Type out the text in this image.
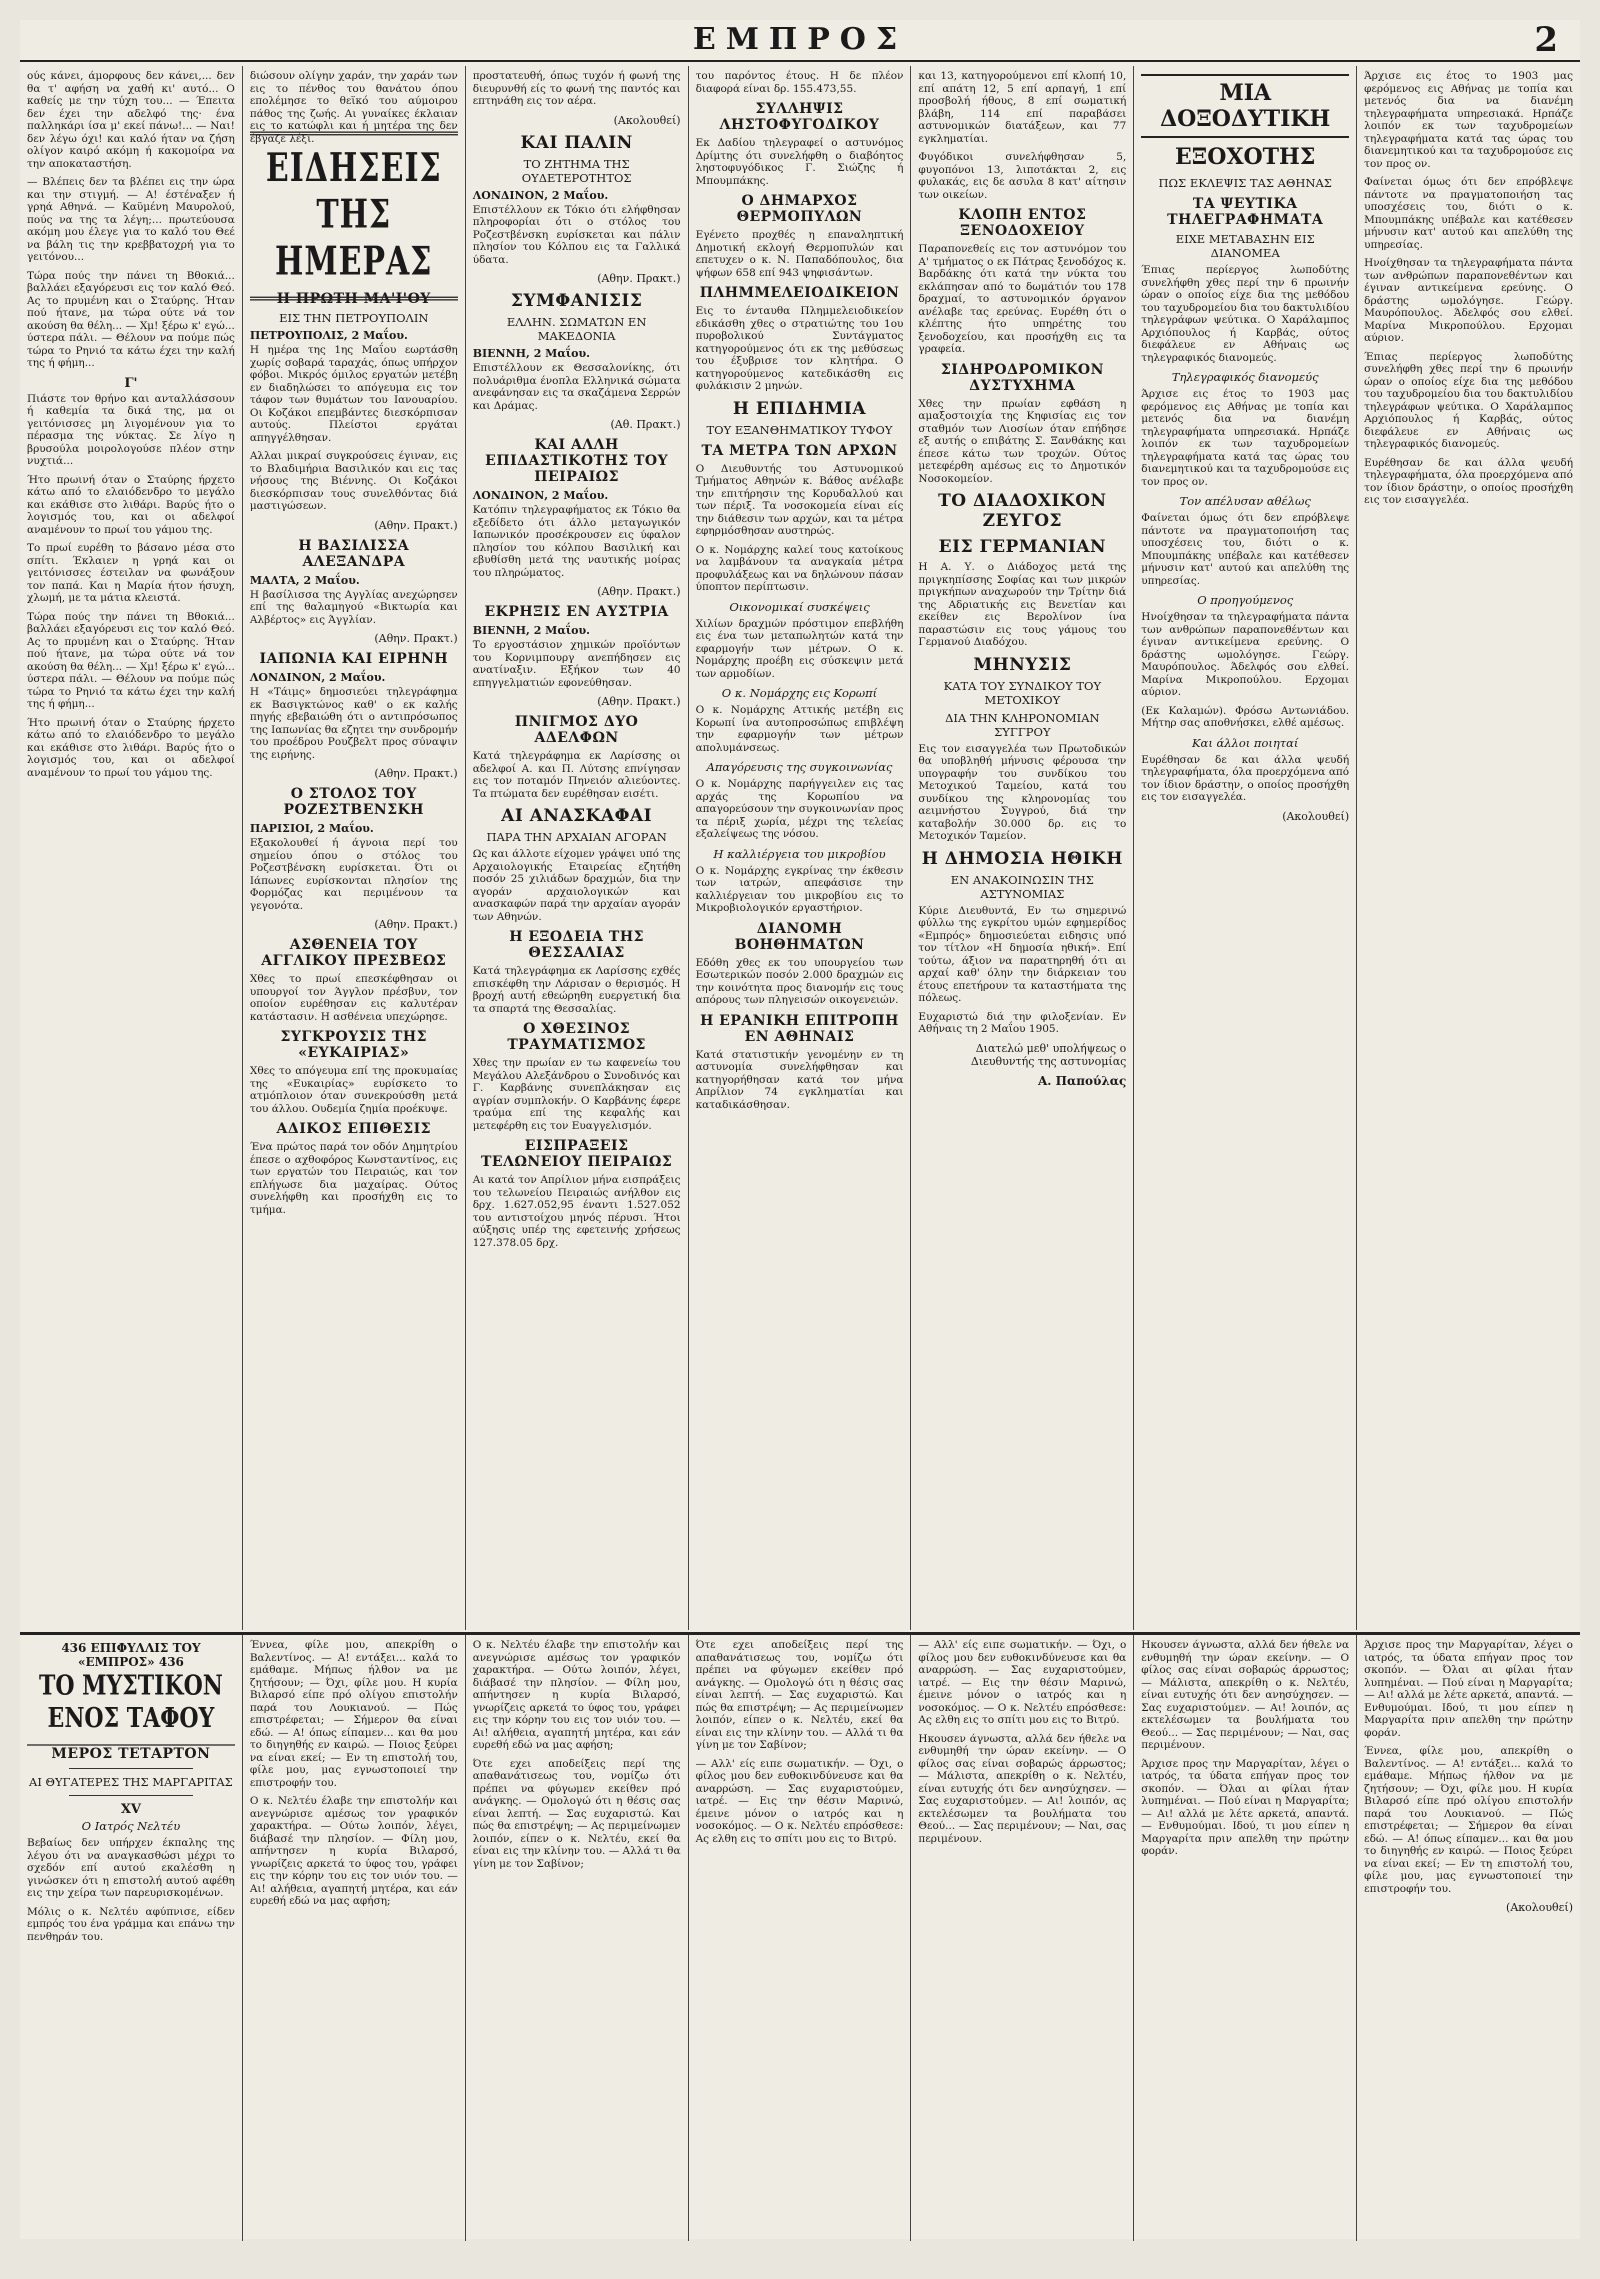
ΕΜΠΡΟΣ	2

ούς κάνει, άμορφους δεν κάνει,... δεν θα τ' αφήση να χαθή κι' αυτό... Ο καθείς με την τύχη του... — Έπειτα δεν έχει την αδελφό της· ένα παλληκάρι ίσα μ' εκεί πάνω!... — Ναι! δεν λέγω όχι! και καλό ήταν να ζήση ολίγον καιρό ακόμη ή κακομοίρα να την αποκαταστήση.

— Βλέπεις δεν τα βλέπει εις την ώρα και την στιγμή. — Α! έστέναξεν ή γρηά Αθηνά. — Καϋμένη Μαυρολού, πούς να της τα λέγη;... πρωτεύουσα ακόμη μου έλεγε για το καλό του Θεέ να βάλη τις την κρεββατοχρή για το γειτόνου...

Τώρα πούς την πάνει τη Βθοκιά... βαλλάει εξαγόρευσι εις τον καλό Θεό. Ας το πρυμένη και ο Σταύρης. Ήταν πού ήτανε, μα τώρα ούτε νά τον ακούση θα θέλη... — Χμ! ξέρω κ' εγώ... ύστερα πάλι. — Θέλουν να πούμε πώς τώρα το Ρηνιό τα κάτω έχει την καλή της ή φήμη...

Γ'

Πιάστε τον θρήνο και ανταλλάσσουν ή καθεμία τα δικά της, μα οι γειτόνισσες μη λιγομένουν για το πέρασμα της νύκτας. Σε λίγο η βρυσούλα μοιρολογούσε πλέον στην νυχτιά...

Ήτο πρωινή όταν ο Σταύρης ήρχετο κάτω από το ελαιόδενδρο το μεγάλο και εκάθισε στο λιθάρι. Βαρύς ήτο ο λογισμός του, και οι αδελφοί αναμένουν το πρωί του γάμου της.

Το πρωί ευρέθη το βάσανο μέσα στο σπίτι. Έκλαιεν η γρηά και οι γειτόνισσες έστειλαν να φωνάξουν τον παπά. Και η Μαρία ήτον ήσυχη, χλωμή, με τα μάτια κλειστά.

Τώρα πούς την πάνει τη Βθοκιά... βαλλάει εξαγόρευσι εις τον καλό Θεό. Ας το πρυμένη και ο Σταύρης. Ήταν πού ήτανε, μα τώρα ούτε νά τον ακούση θα θέλη... — Χμ! ξέρω κ' εγώ... ύστερα πάλι. — Θέλουν να πούμε πώς τώρα το Ρηνιό τα κάτω έχει την καλή της ή φήμη...

Ήτο πρωινή όταν ο Σταύρης ήρχετο κάτω από το ελαιόδενδρο το μεγάλο και εκάθισε στο λιθάρι. Βαρύς ήτο ο λογισμός του, και οι αδελφοί αναμένουν το πρωί του γάμου της.

διώσουν ολίγην χαράν, την χαράν των εις το πένθος του θανάτου όπου επολέμησε το θεϊκό του αύμοιρου πάθος της ζωής. Αι γυναίκες έκλαιαν εις το κατώφλι και ή μητέρα της δεν έβγαζε λέξι.

ΕΙΔΗΣΕΙΣ ΤΗΣ ΗΜΕΡΑΣ
Η ΠΡΩΤΗ ΜΑ'Ι'ΟΥ
ΕΙΣ ΤΗΝ ΠΕΤΡΟΥΠΟΛΙΝ
ΠΕΤΡΟΥΠΟΛΙΣ, 2 Μαΐου.

Η ημέρα της 1ης Μαΐου εωρτάσθη χωρίς σοβαρά ταραχάς, όπως υπήρχον φόβοι. Μικρός όμιλος εργατών μετέβη εν διαδηλώσει το απόγευμα εις τον τάφον των θυμάτων του Ιανουαρίου. Οι Κοζάκοι επεμβάντες διεσκόρπισαν αυτούς. Πλείστοι εργάται απηγγέλθησαν.

Αλλαι μικραί συγκρούσεις έγιναν, εις το Βλαδιμήρια Βασιλικόν και εις τας νήσους της Βιέννης. Οι Κοζάκοι διεσκόρπισαν τους συνελθόντας διά μαστιγώσεων.

(Αθην. Πρακτ.)
Η ΒΑΣΙΛΙΣΣΑ ΑΛΕΞΑΝΔΡΑ
ΜΑΛΤΑ, 2 Μαΐου.

Η βασίλισσα της Αγγλίας ανεχώρησεν επί της θαλαμηγού «Βικτωρία και Αλβέρτος» εις Άγγλίαν.

(Αθην. Πρακτ.)
ΙΑΠΩΝΙΑ ΚΑΙ ΕΙΡΗΝΗ
ΛΟΝΔΙΝΟΝ, 2 Μαΐου.

Η «Τάιμς» δημοσιεύει τηλεγράφημα εκ Βασιγκτώνος καθ' ο εκ καλής πηγής εβεβαιώθη ότι ο αντιπρόσωπος της Ιαπωνίας θα εζητει την συνδρομήν του προέδρου Ρουζβελτ προς σύναψιν της ειρήνης.

(Αθην. Πρακτ.)
Ο ΣΤΟΛΟΣ ΤΟΥ ΡΟΖΕΣΤΒΕΝΣΚΗ
ΠΑΡΙΣΙΟΙ, 2 Μαΐου.

Εξακολουθεί ή άγνοια περί του σημείου όπου ο στόλος του Ροζεστβένσκη ευρίσκεται. Ότι οι Ιάπωνες ευρίσκονται πλησίον της Φορμόζας και περιμένουν τα γεγονότα.

(Αθην. Πρακτ.)
ΑΣΘΕΝΕΙΑ ΤΟΥ ΑΓΓΛΙΚΟΥ ΠΡΕΣΒΕΩΣ

Χθες το πρωί επεσκέφθησαν οι υπουργοί τον Άγγλον πρέσβυν, τον οποίον ευρέθησαν εις καλυτέραν κατάστασιν. Η ασθένεια υπεχώρησε.

ΣΥΓΚΡΟΥΣΙΣ ΤΗΣ «ΕΥΚΑΙΡΙΑΣ»

Χθες το απόγευμα επί της προκυμαίας της «Ευκαιρίας» ευρίσκετο το ατμόπλοιον όταν συνεκρούσθη μετά του άλλου. Ουδεμία ζημία προέκυψε.

ΑΔΙΚΟΣ ΕΠΙΘΕΣΙΣ

Ένα πρώτος παρά τον οδόν Δημητρίου έπεσε ο αχθοφόρος Κωνσταντίνος, εις των εργατών του Πειραιώς, και τον επλήγωσε δια μαχαίρας. Ούτος συνελήφθη και προσήχθη εις το τμήμα.

προστατευθή, όπως τυχόν ή φωνή της διευρυνθή είς το φωνή της παντός και επτηνάθη εις τον αέρα.

(Ακολουθεί)
ΚΑΙ ΠΑΛΙΝ
ΤΟ ΖΗΤΗΜΑ ΤΗΣ ΟΥΔΕΤΕΡΟΤΗΤΟΣ
ΛΟΝΔΙΝΟΝ, 2 Μαΐου.

Επιστέλλουν εκ Τόκιο ότι ελήφθησαν πληροφορίαι ότι ο στόλος του Ροζεστβένσκη ευρίσκεται και πάλιν πλησίον του Κόλπου εις τα Γαλλικά ύδατα.

(Αθην. Πρακτ.)
ΣΥΜΦΑΝΙΣΙΣ
ΕΛΛΗΝ. ΣΩΜΑΤΩΝ ΕΝ ΜΑΚΕΔΟΝΙΑ
ΒΙΕΝΝΗ, 2 Μαΐου.

Επιστέλλουν εκ Θεσσαλονίκης, ότι πολυάριθμα ένοπλα Ελληνικά σώματα ανεφάνησαν εις τα σκαζάμενα Σερρών και Δράμας.

(Αθ. Πρακτ.)
ΚΑΙ ΑΛΛΗ ΕΠΙΔΑΣΤΙΚΟΤΗΣ ΤΟΥ ΠΕΙΡΑΙΩΣ
ΛΟΝΔΙΝΟΝ, 2 Μαΐου.

Κατόπιν τηλεγραφήματος εκ Τόκιο θα εξεδίδετο ότι άλλο μεταγωγικόν Ιαπωνικόν προσέκρουσεν εις ύφαλον πλησίον του κόλπου Βασιλική και εβυθίσθη μετά της ναυτικής μοίρας του πληρώματος.

(Αθην. Πρακτ.)
ΕΚΡΗΞΙΣ ΕΝ ΑΥΣΤΡΙΑ
ΒΙΕΝΝΗ, 2 Μαΐου.

Το εργοστάσιον χημικών προϊόντων του Κορνιμπουργ ανεπήδησεν εις ανατίναξιν. Εξήκον των 40 επηγγελματιών εφονεύθησαν.

(Αθην. Πρακτ.)
ΠΝΙΓΜΟΣ ΔΥΟ ΑΔΕΛΦΩΝ

Κατά τηλεγράφημα εκ Λαρίσσης οι αδελφοί Α. και Π. Λύτσης επνίγησαν εις τον ποταμόν Πηνειόν αλιεύοντες. Τα πτώματα δεν ευρέθησαν εισέτι.

ΑΙ ΑΝΑΣΚΑΦΑΙ
ΠΑΡΑ ΤΗΝ ΑΡΧΑΙΑΝ ΑΓΟΡΑΝ

Ως και άλλοτε είχομεν γράψει υπό της Αρχαιολογικής Εταιρείας εζητήθη ποσόν 25 χιλιάδων δραχμών, δια την αγοράν αρχαιολογικών και ανασκαφών παρά την αρχαίαν αγοράν των Αθηνών.

Η ΕΞΟΔΕΙΑ ΤΗΣ ΘΕΣΣΑΛΙΑΣ

Κατά τηλεγράφημα εκ Λαρίσσης εχθές επισκέφθη την Λάρισαν ο θερισμός. Η βροχή αυτή εθεώρηθη ευεργετική δια τα σπαρτά της Θεσσαλίας.

Ο ΧΘΕΣΙΝΟΣ ΤΡΑΥΜΑΤΙΣΜΟΣ

Χθες την πρωίαν εν τω καφενείω του Μεγάλου Αλεξάνδρου ο Συνοδινός και Γ. Καρβάνης συνεπλάκησαν εις αγρίαν συμπλοκήν. Ο Καρβάνης έφερε τραύμα επί της κεφαλής και μετεφέρθη εις τον Ευαγγελισμόν.

ΕΙΣΠΡΑΞΕΙΣ ΤΕΛΩΝΕΙΟΥ ΠΕΙΡΑΙΩΣ

Αι κατά τον Απρίλιον μήνα εισπράξεις του τελωνείου Πειραιώς ανήλθον εις δρχ. 1.627.052,95 έναντι 1.527.052 του αντιστοίχου μηνός πέρυσι. Ήτοι αύξησις υπέρ της εφετεινής χρήσεως 127.378.05 δρχ.

του παρόντος έτους. Η δε πλέον διαφορά είναι δρ. 155.473,55.

ΣΥΛΛΗΨΙΣ ΛΗΣΤΟΦΥΓΟΔΙΚΟΥ

Εκ Δαδίου τηλεγραφεί ο αστυνόμος Δρίμτης ότι συνελήφθη ο διαβόητος ληστοφυγόδικος Γ. Σιώζης ή Μπουμπάκης.

Ο ΔΗΜΑΡΧΟΣ ΘΕΡΜΟΠΥΛΩΝ

Εγένετο προχθές η επαναληπτική Δημοτική εκλογή Θερμοπυλών και επετυχεν ο κ. Ν. Παπαδόπουλος, δια ψήφων 658 επί 943 ψηφισάντων.

ΠΛΗΜΜΕΛΕΙΟΔΙΚΕΙΟΝ

Εις το ένταυθα Πλημμελειοδικείον εδικάσθη χθες ο στρατιώτης του 1ου πυροβολικού Συντάγματος κατηγορούμενος ότι εκ της μεθύσεως του έξυβρισε τον κλητήρα. Ο κατηγορούμενος κατεδικάσθη εις φυλάκισιν 2 μηνών.

Η ΕΠΙΔΗΜΙΑ
ΤΟΥ ΕΞΑΝΘΗΜΑΤΙΚΟΥ ΤΥΦΟΥ
ΤΑ ΜΕΤΡΑ ΤΩΝ ΑΡΧΩΝ

Ο Διευθυντής του Αστυνομικού Τμήματος Αθηνών κ. Βάθος ανέλαβε την επιτήρησιν της Κορυδαλλού και των πέριξ. Τα νοσοκομεία είναι είς την διάθεσιν των αρχών, και τα μέτρα εφηρμόσθησαν αυστηρώς.

Ο κ. Νομάρχης καλεί τους κατοίκους να λαμβάνουν τα αναγκαία μέτρα προφυλάξεως και να δηλώνουν πάσαν ύποπτον περίπτωσιν.

Οικονομικαί συσκέψεις

Χιλίων δραχμών πρόστιμον επεβλήθη εις ένα των μεταπωλητών κατά την εφαρμογήν των μέτρων. Ο κ. Νομάρχης προέβη εις σύσκεψιν μετά των αρμοδίων.

Ο κ. Νομάρχης εις Κορωπί

Ο κ. Νομάρχης Αττικής μετέβη εις Κορωπί ίνα αυτοπροσώπως επιβλέψη την εφαρμογήν των μέτρων απολυμάνσεως.

Απαγόρευσις της συγκοινωνίας

Ο κ. Νομάρχης παρήγγειλεν εις τας αρχάς της Κορωπίου να απαγορεύσουν την συγκοινωνίαν προς τα πέριξ χωρία, μέχρι της τελείας εξαλείψεως της νόσου.

Η καλλιέργεια του μικροβίου

Ο κ. Νομάρχης εγκρίνας την έκθεσιν των ιατρών, απεφάσισε την καλλιέργειαν του μικροβίου εις το Μικροβιολογικόν εργαστήριον.

ΔΙΑΝΟΜΗ ΒΟΗΘΗΜΑΤΩΝ

Εδόθη χθες εκ του υπουργείου των Εσωτερικών ποσόν 2.000 δραχμών εις την κοινότητα προς διανομήν εις τους απόρους των πληγεισών οικογενειών.

Η ΕΡΑΝΙΚΗ ΕΠΙΤΡΟΠΗ ΕΝ ΑΘΗΝΑΙΣ

Κατά στατιστικήν γενομένην εν τη αστυνομία συνελήφθησαν και κατηγορήθησαν κατά τον μήνα Απρίλιον 74 εγκληματίαι και καταδικάσθησαν.

και 13, κατηγορούμενοι επί κλοπή 10, επί απάτη 12, 5 επί αρπαγή, 1 επί προσβολή ήθους, 8 επί σωματική βλάβη, 114 επί παραβάσει αστυνομικών διατάξεων, και 77 εγκληματίαι.

Φυγόδικοι συνελήφθησαν 5, φυγοπόνοι 13, λιποτάκται 2, εις φυλακάς, εις δε ασυλα 8 κατ' αίτησιν των οικείων.

ΚΛΟΠΗ ΕΝΤΟΣ ΞΕΝΟΔΟΧΕΙΟΥ

Παραπονεθείς εις τον αστυνόμον του Α' τμήματος ο εκ Πάτρας ξενοδόχος κ. Βαρδάκης ότι κατά την νύκτα του εκλάπησαν από το δωμάτιόν του 178 δραχμαί, το αστυνομικόν όργανον ανέλαβε τας ερεύνας. Ευρέθη ότι ο κλέπτης ήτο υπηρέτης του ξενοδοχείου, και προσήχθη εις τα γραφεία.

ΣΙΔΗΡΟΔΡΟΜΙΚΟΝ ΔΥΣΤΥΧΗΜΑ

Χθες την πρωίαν εφθάση η αμαξοστοιχία της Κηφισίας εις τον σταθμόν των Λιοσίων όταν επήδησε εξ αυτής ο επιβάτης Σ. Ξανθάκης και έπεσε κάτω των τροχών. Ούτος μετεφέρθη αμέσως εις το Δημοτικόν Νοσοκομείον.

ΤΟ ΔΙΑΔΟΧΙΚΟΝ ΖΕΥΓΟΣ
ΕΙΣ ΓΕΡΜΑΝΙΑΝ

Η Α. Υ. ο Διάδοχος μετά της πριγκηπίσσης Σοφίας και των μικρών πριγκήπων αναχωρούν την Τρίτην διά της Αδριατικής εις Βενετίαν και εκείθεν εις Βερολίνον ίνα παραστώσιν εις τους γάμους του Γερμανού Διαδόχου.

ΜΗΝΥΣΙΣ
ΚΑΤΑ ΤΟΥ ΣΥΝΔΙΚΟΥ ΤΟΥ ΜΕΤΟΧΙΚΟΥ
ΔΙΑ ΤΗΝ ΚΛΗΡΟΝΟΜΙΑΝ ΣΥΓΓΡΟΥ

Εις τον εισαγγελέα των Πρωτοδικών θα υποβληθή μήνυσις φέρουσα την υπογραφήν του συνδίκου του Μετοχικού Ταμείου, κατά του συνδίκου της κληρονομίας του αειμνήστου Συγγρού, διά την καταβολήν 30.000 δρ. εις το Μετοχικόν Ταμείον.

Η ΔΗΜΟΣΙΑ ΗΘΙΚΗ
ΕΝ ΑΝΑΚΟΙΝΩΣΙΝ ΤΗΣ ΑΣΤΥΝΟΜΙΑΣ

Κύριε Διευθυντά, Εν τω σημερινώ φύλλω της εγκρίτου υμών εφημερίδος «Εμπρός» δημοσιεύεται ειδησις υπό τον τίτλον «Η δημοσία ηθική». Επί τούτω, άξιον να παρατηρηθή ότι αι αρχαί καθ' όλην την διάρκειαν του έτους επετήρουν τα καταστήματα της πόλεως.

Ευχαριστώ διά την φιλοξενίαν. Εν Αθήναις τη 2 Μαΐου 1905.

Διατελώ μεθ' υπολήψεως ο Διευθυντής της αστυνομίας
Α. Παπούλας
ΜΙΑ ΔΟΞΟΔΥΤΙΚΗ
ΕΞΟΧΟΤΗΣ
ΠΩΣ ΕΚΛΕΨΙΣ ΤΑΣ ΑΘΗΝΑΣ
ΤΑ ΨΕΥΤΙΚΑ ΤΗΛΕΓΡΑΦΗΜΑΤΑ
ΕΙΧΕ ΜΕΤΑΒΑΣΗΝ ΕΙΣ ΔΙΑΝΟΜΕΑ

Έπιας περίεργος λωποδύτης συνελήφθη χθες περί την 6 πρωινήν ώραν ο οποίος είχε δια της μεθόδου του ταχυδρομείου δια του δακτυλιδίου τηλεγράφων ψεύτικα. Ο Χαράλαμπος Αρχιόπουλος ή Καρβάς, ούτος διεφάλευε εν Αθήναις ως τηλεγραφικός διανομεύς.

Τηλεγραφικός διανομεύς

Άρχισε εις έτος το 1903 μας φερόμενος εις Αθήνας με τοπία και μετενός δια να διανέμη τηλεγραφήματα υπηρεσιακά. Ηρπάζε λοιπόν εκ των ταχυδρομείων τηλεγραφήματα κατά τας ώρας του διανεμητικού και τα ταχυδρομούσε εις τον προς ον.

Τον απέλυσαν αθέλως

Φαίνεται όμως ότι δεν επρόβλεψε πάντοτε να πραγματοποιήση τας υποσχέσεις του, διότι ο κ. Μπουμπάκης υπέβαλε και κατέθεσεν μήνυσιν κατ' αυτού και απελύθη της υπηρεσίας.

Ο προηγούμενος

Ηνοίχθησαν τα τηλεγραφήματα πάντα των ανθρώπων παραπονεθέντων και έγιναν αντικείμενα ερεύνης. Ο δράστης ωμολόγησε. Γεώργ. Μαυρόπουλος. Άδελφός σου ελθεί. Μαρίνα Μικροπούλου. Ερχομαι αύριον.

(Εκ Καλαμών). Φρόσω Αντωνιάδου. Μήτηρ σας αποθνήσκει, ελθέ αμέσως.

Και άλλοι ποιηταί

Ευρέθησαν δε και άλλα ψευδή τηλεγραφήματα, όλα προερχόμενα από τον ίδιον δράστην, ο οποίος προσήχθη εις τον εισαγγελέα.

(Ακολουθεί)

Άρχισε εις έτος το 1903 μας φερόμενος εις Αθήνας με τοπία και μετενός δια να διανέμη τηλεγραφήματα υπηρεσιακά. Ηρπάζε λοιπόν εκ των ταχυδρομείων τηλεγραφήματα κατά τας ώρας του διανεμητικού και τα ταχυδρομούσε εις τον προς ον.

Φαίνεται όμως ότι δεν επρόβλεψε πάντοτε να πραγματοποιήση τας υποσχέσεις του, διότι ο κ. Μπουμπάκης υπέβαλε και κατέθεσεν μήνυσιν κατ' αυτού και απελύθη της υπηρεσίας.

Ηνοίχθησαν τα τηλεγραφήματα πάντα των ανθρώπων παραπονεθέντων και έγιναν αντικείμενα ερεύνης. Ο δράστης ωμολόγησε. Γεώργ. Μαυρόπουλος. Άδελφός σου ελθεί. Μαρίνα Μικροπούλου. Ερχομαι αύριον.

Έπιας περίεργος λωποδύτης συνελήφθη χθες περί την 6 πρωινήν ώραν ο οποίος είχε δια της μεθόδου του ταχυδρομείου δια του δακτυλιδίου τηλεγράφων ψεύτικα. Ο Χαράλαμπος Αρχιόπουλος ή Καρβάς, ούτος διεφάλευε εν Αθήναις ως τηλεγραφικός διανομεύς.

Ευρέθησαν δε και άλλα ψευδή τηλεγραφήματα, όλα προερχόμενα από τον ίδιον δράστην, ο οποίος προσήχθη εις τον εισαγγελέα.

436 ΕΠΙΦΥΛΛΙΣ ΤΟΥ «ΕΜΠΡΟΣ» 436
ΤΟ ΜΥΣΤΙΚΟΝ ΕΝΟΣ ΤΑΦΟΥ
ΜΕΡΟΣ ΤΕΤΑΡΤΟΝ
ΑΙ ΘΥΓΑΤΕΡΕΣ ΤΗΣ ΜΑΡΓΑΡΙΤΑΣ
XV
Ο Ιατρός Νελτέυ

Βεβαίως δεν υπήρχεν έκπαλης της λέγου ότι να αναγκασθώσι μέχρι το σχεδόν επί αυτού εκαλέσθη η γινώσκεν ότι η επιστολή αυτού αφέθη εις την χείρα των παρευρισκομένων.

Μόλις ο κ. Νελτέυ αφύπνισε, είδεν εμπρός του ένα γράμμα και επάνω την πενθηράν του.

Έννεα, φίλε μου, απεκρίθη ο Βαλεντίνος. — Α! εντάξει... καλά το εμάθαμε. Μήπως ήλθον να με ζητήσουν; — Όχι, φίλε μου. Η κυρία Βιλαρσό είπε πρό ολίγου επιστολήν παρά του Λουκιανού. — Πώς επιστρέφεται; — Σήμερον θα είναι εδώ. — Α! όπως είπαμεν... και θα μου το διηγηθής εν καιρώ. — Ποιος ξεύρει να είναι εκεί; — Εν τη επιστολή του, φίλε μου, μας εγνωστοποιεί την επιστροφήν του.

Ο κ. Νελτέυ έλαβε την επιστολήν και ανεγνώρισε αμέσως τον γραφικόν χαρακτήρα. — Ούτω λοιπόν, λέγει, διάβασέ την πλησίον. — Φίλη μου, απήντησεν η κυρία Βιλαρσό, γνωρίζεις αρκετά το ύφος του, γράφει εις την κόρην του εις τον υιόν του. — Αι! αλήθεια, αγαπητή μητέρα, και εάν ευρεθή εδώ να μας αφήση;

Ο κ. Νελτέυ έλαβε την επιστολήν και ανεγνώρισε αμέσως τον γραφικόν χαρακτήρα. — Ούτω λοιπόν, λέγει, διάβασέ την πλησίον. — Φίλη μου, απήντησεν η κυρία Βιλαρσό, γνωρίζεις αρκετά το ύφος του, γράφει εις την κόρην του εις τον υιόν του. — Αι! αλήθεια, αγαπητή μητέρα, και εάν ευρεθή εδώ να μας αφήση;

Ότε εχει αποδείξεις περί της απαθανάτισεως του, νομίζω ότι πρέπει να φύγωμεν εκείθεν πρό ανάγκης. — Ομολογώ ότι η θέσις σας είναι λεπτή. — Σας ευχαριστώ. Και πώς θα επιστρέψη; — Ας περιμείνωμεν λοιπόν, είπεν ο κ. Νελτέυ, εκεί θα είναι εις την κλίνην του. — Αλλά τι θα γίνη με τον Σαβίνον;

Ότε εχει αποδείξεις περί της απαθανάτισεως του, νομίζω ότι πρέπει να φύγωμεν εκείθεν πρό ανάγκης. — Ομολογώ ότι η θέσις σας είναι λεπτή. — Σας ευχαριστώ. Και πώς θα επιστρέψη; — Ας περιμείνωμεν λοιπόν, είπεν ο κ. Νελτέυ, εκεί θα είναι εις την κλίνην του. — Αλλά τι θα γίνη με τον Σαβίνον;

— Αλλ' είς ειπε σωματικήν. — Όχι, ο φίλος μου δεν ευθοκινδύνευσε και θα αναρρώση. — Σας ευχαριστούμεν, ιατρέ. — Εις την θέσιν Μαρινώ, έμεινε μόνον ο ιατρός και η νοσοκόμος. — Ο κ. Νελτέυ επρόσθεσε: Ας ελθη εις το σπίτι μου εις το Βιτρύ.

— Αλλ' είς ειπε σωματικήν. — Όχι, ο φίλος μου δεν ευθοκινδύνευσε και θα αναρρώση. — Σας ευχαριστούμεν, ιατρέ. — Εις την θέσιν Μαρινώ, έμεινε μόνον ο ιατρός και η νοσοκόμος. — Ο κ. Νελτέυ επρόσθεσε: Ας ελθη εις το σπίτι μου εις το Βιτρύ.

Ηκουσεν άγνωστα, αλλά δεν ήθελε να ενθυμηθή την ώραν εκείνην. — Ο φίλος σας είναι σοβαρώς άρρωστος; — Μάλιστα, απεκρίθη ο κ. Νελτέυ, είναι ευτυχής ότι δεν ανησύχησεν. — Σας ευχαριστούμεν. — Αι! λοιπόν, ας εκτελέσωμεν τα βουλήματα του Θεού... — Σας περιμένουν; — Ναι, σας περιμένουν.

Ηκουσεν άγνωστα, αλλά δεν ήθελε να ενθυμηθή την ώραν εκείνην. — Ο φίλος σας είναι σοβαρώς άρρωστος; — Μάλιστα, απεκρίθη ο κ. Νελτέυ, είναι ευτυχής ότι δεν ανησύχησεν. — Σας ευχαριστούμεν. — Αι! λοιπόν, ας εκτελέσωμεν τα βουλήματα του Θεού... — Σας περιμένουν; — Ναι, σας περιμένουν.

Άρχισε προς την Μαργαρίταν, λέγει ο ιατρός, τα ύδατα επήγαν προς τον σκοπόν. — Όλαι αι φίλαι ήταν λυπημέναι. — Πού είναι η Μαργαρίτα; — Αι! αλλά με λέτε αρκετά, απαντά. — Ενθυμούμαι. Ιδού, τι μου είπεν η Μαργαρίτα πριν απελθη την πρώτην φοράν.

Άρχισε προς την Μαργαρίταν, λέγει ο ιατρός, τα ύδατα επήγαν προς τον σκοπόν. — Όλαι αι φίλαι ήταν λυπημέναι. — Πού είναι η Μαργαρίτα; — Αι! αλλά με λέτε αρκετά, απαντά. — Ενθυμούμαι. Ιδού, τι μου είπεν η Μαργαρίτα πριν απελθη την πρώτην φοράν.

Έννεα, φίλε μου, απεκρίθη ο Βαλεντίνος. — Α! εντάξει... καλά το εμάθαμε. Μήπως ήλθον να με ζητήσουν; — Όχι, φίλε μου. Η κυρία Βιλαρσό είπε πρό ολίγου επιστολήν παρά του Λουκιανού. — Πώς επιστρέφεται; — Σήμερον θα είναι εδώ. — Α! όπως είπαμεν... και θα μου το διηγηθής εν καιρώ. — Ποιος ξεύρει να είναι εκεί; — Εν τη επιστολή του, φίλε μου, μας εγνωστοποιεί την επιστροφήν του.

(Ακολουθεί)
